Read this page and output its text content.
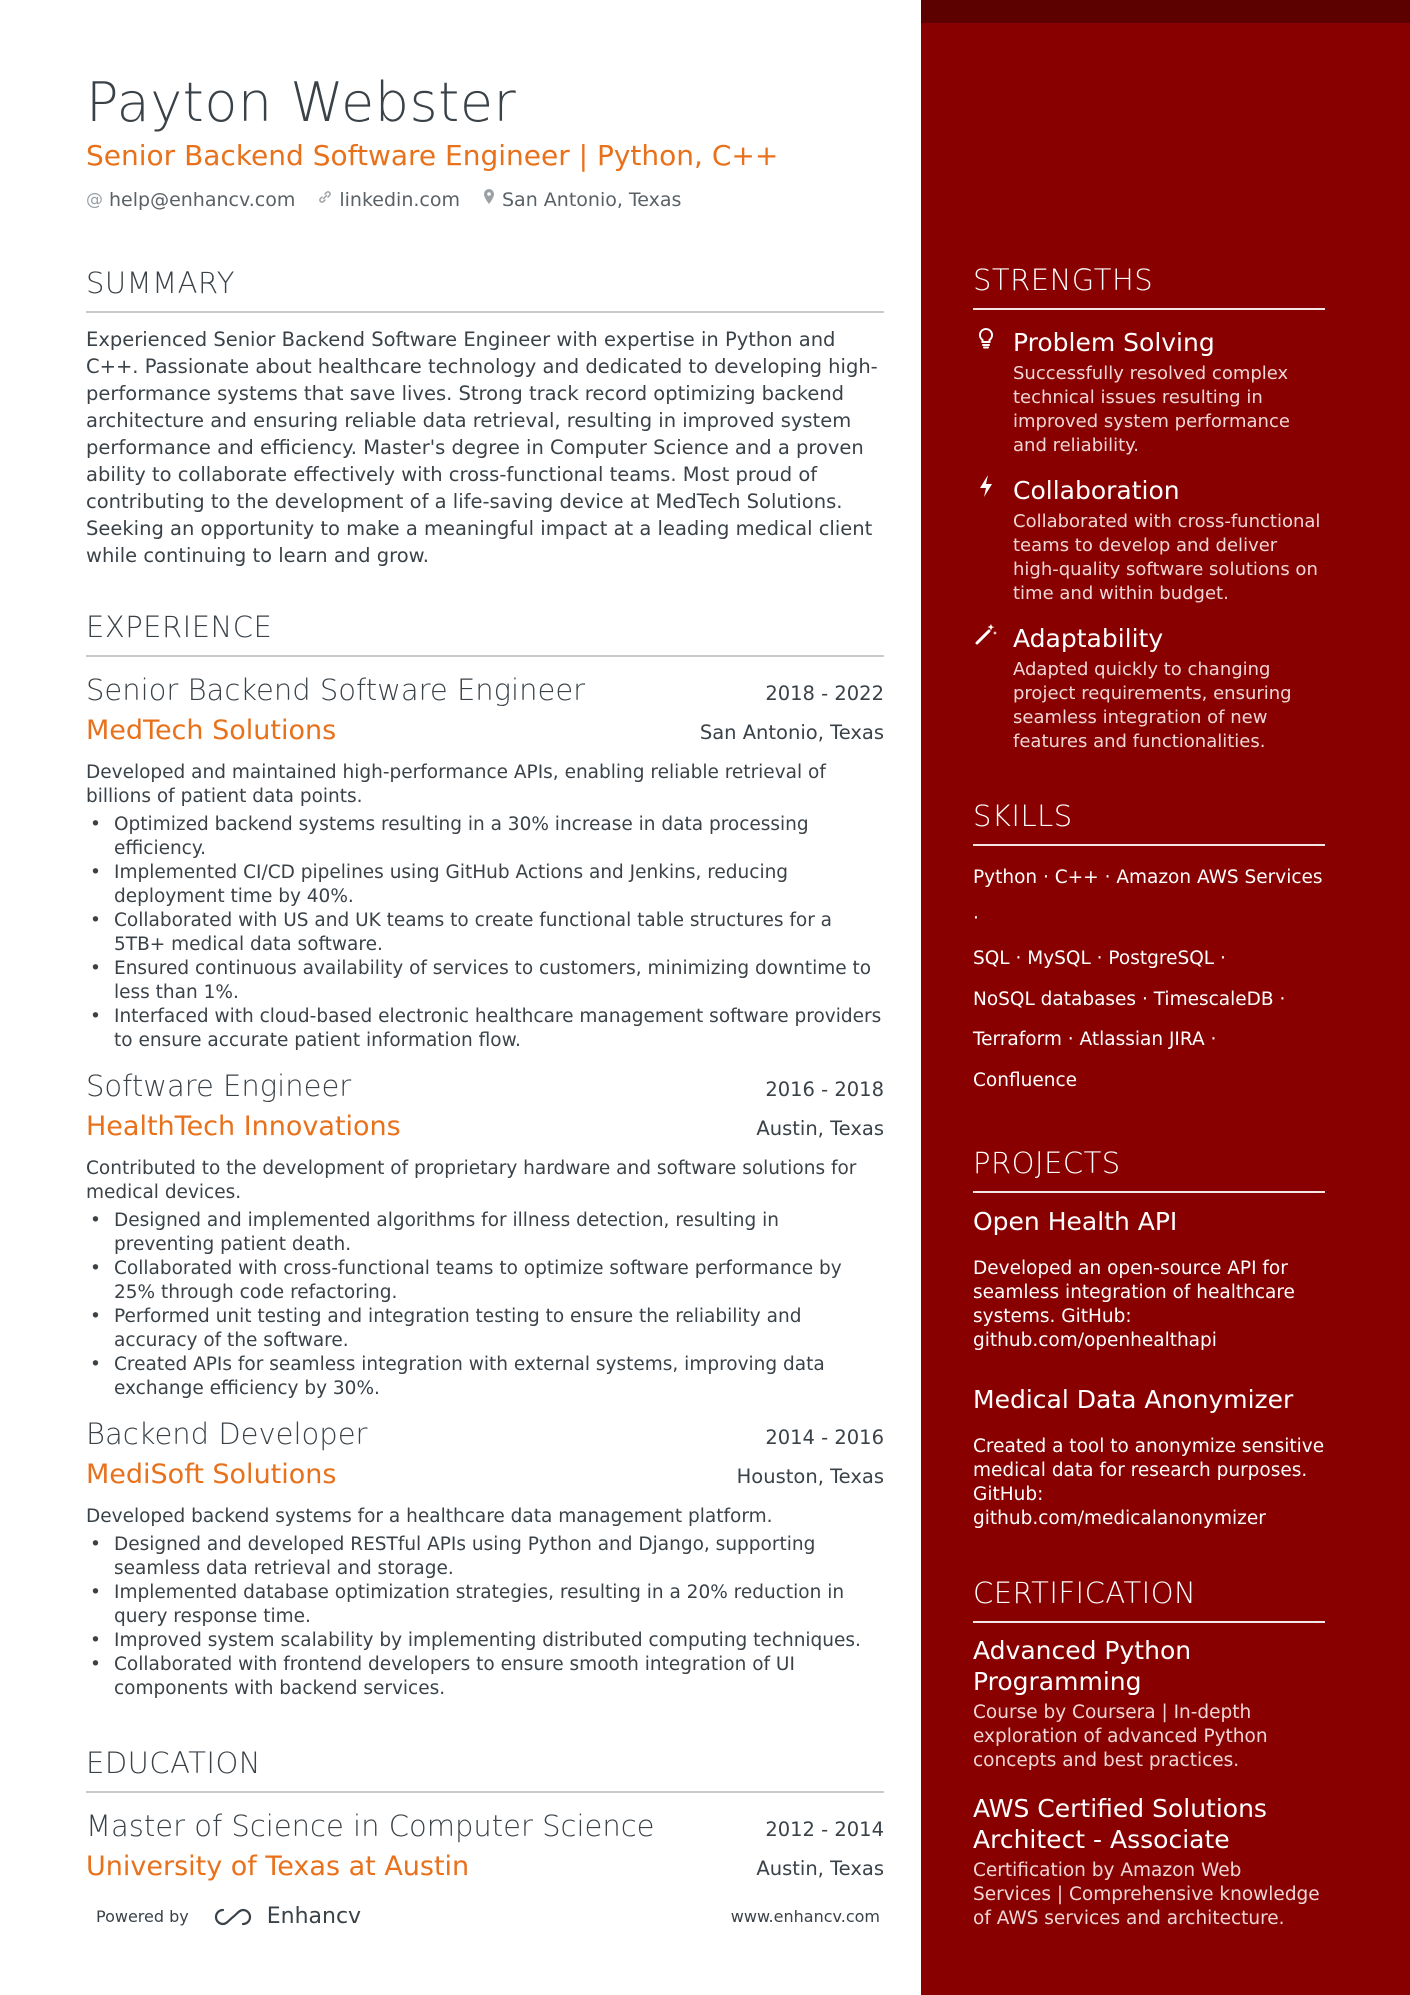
Payton Webster
Senior Backend Software Engineer | Python, C++
@ help@enhancv.com linkedin.com San Antonio, Texas
SUMMARY

Experienced Senior Backend Software Engineer with expertise in Python and C++. Passionate about healthcare technology and dedicated to developing high-performance systems that save lives. Strong track record optimizing backend architecture and ensuring reliable data retrieval, resulting in improved system performance and efficiency. Master's degree in Computer Science and a proven ability to collaborate effectively with cross-functional teams. Most proud of contributing to the development of a life-saving device at MedTech Solutions. Seeking an opportunity to make a meaningful impact at a leading medical client while continuing to learn and grow.

EXPERIENCE
Senior Backend Software Engineer	2018 - 2022
MedTech Solutions	San Antonio, Texas

Developed and maintained high-performance APIs, enabling reliable retrieval of billions of patient data points.

• Optimized backend systems resulting in a 30% increase in data processing efficiency.
• Implemented CI/CD pipelines using GitHub Actions and Jenkins, reducing deployment time by 40%.
• Collaborated with US and UK teams to create functional table structures for a 5TB+ medical data software.
• Ensured continuous availability of services to customers, minimizing downtime to less than 1%.
• Interfaced with cloud-based electronic healthcare management software providers to ensure accurate patient information flow.
Software Engineer	2016 - 2018
HealthTech Innovations	Austin, Texas

Contributed to the development of proprietary hardware and software solutions for medical devices.

• Designed and implemented algorithms for illness detection, resulting in preventing patient death.
• Collaborated with cross-functional teams to optimize software performance by 25% through code refactoring.
• Performed unit testing and integration testing to ensure the reliability and accuracy of the software.
• Created APIs for seamless integration with external systems, improving data exchange efficiency by 30%.
Backend Developer	2014 - 2016
MediSoft Solutions	Houston, Texas

Developed backend systems for a healthcare data management platform.

• Designed and developed RESTful APIs using Python and Django, supporting seamless data retrieval and storage.
• Implemented database optimization strategies, resulting in a 20% reduction in query response time.
• Improved system scalability by implementing distributed computing techniques.
• Collaborated with frontend developers to ensure smooth integration of UI components with backend services.
EDUCATION
Master of Science in Computer Science	2012 - 2014
University of Texas at Austin	Austin, Texas
Powered by	Enhancv	www.enhancv.com
STRENGTHS
Problem Solving
Successfully resolved complex technical issues resulting in improved system performance and reliability.
Collaboration
Collaborated with cross-functional teams to develop and deliver high-quality software solutions on time and within budget.
Adaptability
Adapted quickly to changing project requirements, ensuring seamless integration of new features and functionalities.
SKILLS
Python · C++ · Amazon AWS Services ·
SQL · MySQL · PostgreSQL ·
NoSQL databases · TimescaleDB ·
Terraform · Atlassian JIRA ·
Confluence
PROJECTS
Open Health API
Developed an open-source API for seamless integration of healthcare systems. GitHub: github.com/openhealthapi
Medical Data Anonymizer
Created a tool to anonymize sensitive medical data for research purposes. GitHub: github.com/medicalanonymizer
CERTIFICATION
Advanced Python Programming
Course by Coursera | In-depth exploration of advanced Python concepts and best practices.
AWS Certified Solutions Architect - Associate
Certification by Amazon Web Services | Comprehensive knowledge of AWS services and architecture.
